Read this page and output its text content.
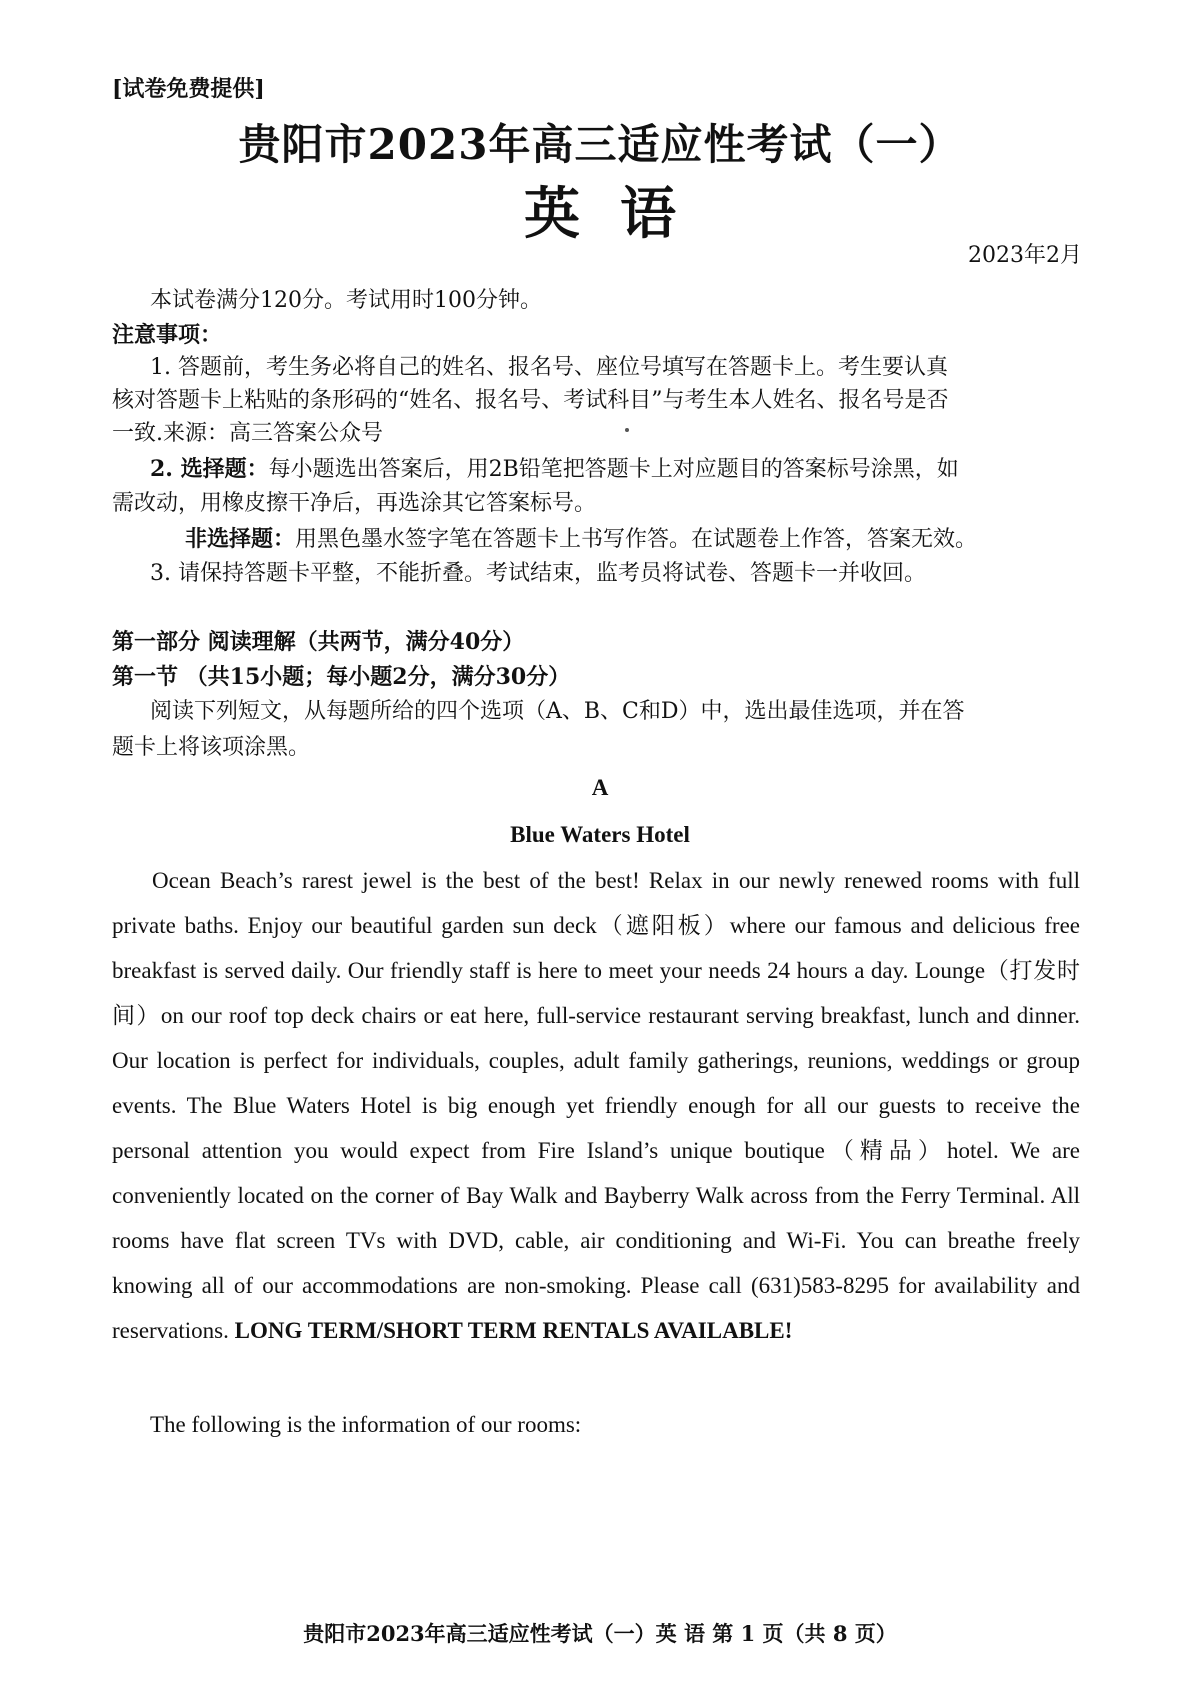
[试卷免费提供]
贵阳市2023年高三适应性考试（一）
英语
2023年2月
本试卷满分120分。考试用时100分钟。
注意事项：
1. 答题前，考生务必将自己的姓名、报名号、座位号填写在答题卡上。考生要认真
核对答题卡上粘贴的条形码的“姓名、报名号、考试科目”与考生本人姓名、报名号是否
一致.来源：高三答案公众号
2. 选择题：每小题选出答案后，用2B铅笔把答题卡上对应题目的答案标号涂黑，如
需改动，用橡皮擦干净后，再选涂其它答案标号。
非选择题：用黑色墨水签字笔在答题卡上书写作答。在试题卷上作答，答案无效。
3. 请保持答题卡平整，不能折叠。考试结束，监考员将试卷、答题卡一并收回。
第一部分 阅读理解（共两节，满分40分）
第一节 （共15小题；每小题2分，满分30分）
阅读下列短文，从每题所给的四个选项（A、B、C和D）中，选出最佳选项，并在答
题卡上将该项涂黑。
A
Blue Waters Hotel

Ocean Beach’s rarest jewel is the best of the best! Relax in our newly renewed rooms with full private baths. Enjoy our beautiful garden sun deck（遮阳板）where our famous and delicious free breakfast is served daily. Our friendly staff is here to meet your needs 24 hours a day. Lounge（打发时间）on our roof top deck chairs or eat here, full-service restaurant serving breakfast, lunch and dinner. Our location is perfect for individuals, couples, adult family gatherings, reunions, weddings or group events. The Blue Waters Hotel is big enough yet friendly enough for all our guests to receive the personal attention you would expect from Fire Island’s unique boutique（精品）hotel. We are conveniently located on the corner of Bay Walk and Bayberry Walk across from the Ferry Terminal. All rooms have flat screen TVs with DVD, cable, air conditioning and Wi-Fi. You can breathe freely knowing all of our accommodations are non-smoking. Please call (631)583-8295 for availability and reservations. LONG TERM/SHORT TERM RENTALS AVAILABLE!

The following is the information of our rooms:
贵阳市2023年高三适应性考试（一）英 语 第 1 页（共 8 页）
